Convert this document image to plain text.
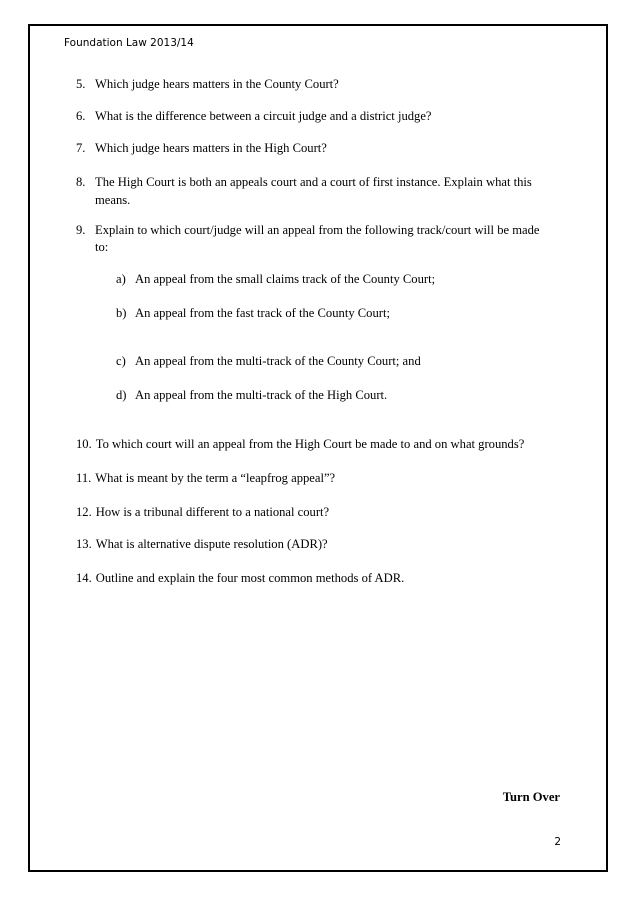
Foundation Law 2013/14
5. Which judge hears matters in the County Court?
6. What is the difference between a circuit judge and a district judge?
7. Which judge hears matters in the High Court?
8. The High Court is both an appeals court and a court of first instance. Explain what this
means.
9. Explain to which court/judge will an appeal from the following track/court will be made
to:
a) An appeal from the small claims track of the County Court;
b) An appeal from the fast track of the County Court;
c) An appeal from the multi-track of the County Court; and
d) An appeal from the multi-track of the High Court.
10. To which court will an appeal from the High Court be made to and on what grounds?
11. What is meant by the term a “leapfrog appeal”?
12. How is a tribunal different to a national court?
13. What is alternative dispute resolution (ADR)?
14. Outline and explain the four most common methods of ADR.
Turn Over
2
